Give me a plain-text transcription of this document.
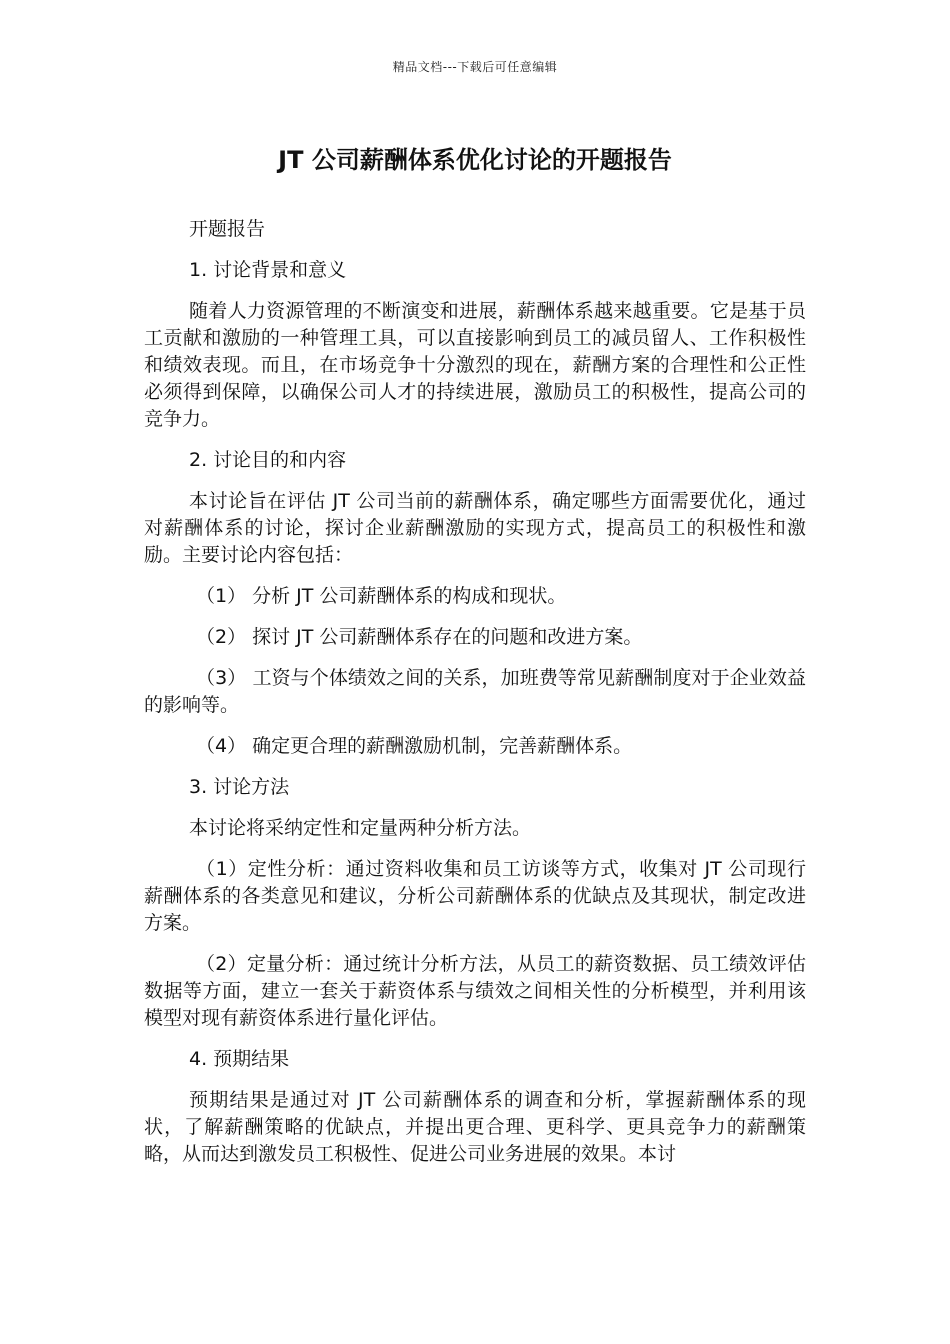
精品文档---下载后可任意编辑
JT 公司薪酬体系优化讨论的开题报告

开题报告

1. 讨论背景和意义

随着人力资源管理的不断演变和进展，薪酬体系越来越重要。它是基于员工贡献和激励的一种管理工具，可以直接影响到员工的减员留人、工作积极性和绩效表现。而且，在市场竞争十分激烈的现在，薪酬方案的合理性和公正性必须得到保障，以确保公司人才的持续进展，激励员工的积极性，提高公司的竞争力。

2. 讨论目的和内容

本讨论旨在评估 JT 公司当前的薪酬体系，确定哪些方面需要优化，通过对薪酬体系的讨论，探讨企业薪酬激励的实现方式，提高员工的积极性和激励。主要讨论内容包括：

（1） 分析 JT 公司薪酬体系的构成和现状。

（2） 探讨 JT 公司薪酬体系存在的问题和改进方案。

（3） 工资与个体绩效之间的关系，加班费等常见薪酬制度对于企业效益的影响等。

（4） 确定更合理的薪酬激励机制，完善薪酬体系。

3. 讨论方法

本讨论将采纳定性和定量两种分析方法。

（1）定性分析：通过资料收集和员工访谈等方式，收集对 JT 公司现行薪酬体系的各类意见和建议，分析公司薪酬体系的优缺点及其现状，制定改进方案。

（2）定量分析：通过统计分析方法，从员工的薪资数据、员工绩效评估数据等方面，建立一套关于薪资体系与绩效之间相关性的分析模型，并利用该模型对现有薪资体系进行量化评估。

4. 预期结果

预期结果是通过对 JT 公司薪酬体系的调查和分析，掌握薪酬体系的现状，了解薪酬策略的优缺点，并提出更合理、更科学、更具竞争力的薪酬策略，从而达到激发员工积极性、促进公司业务进展的效果。本讨
